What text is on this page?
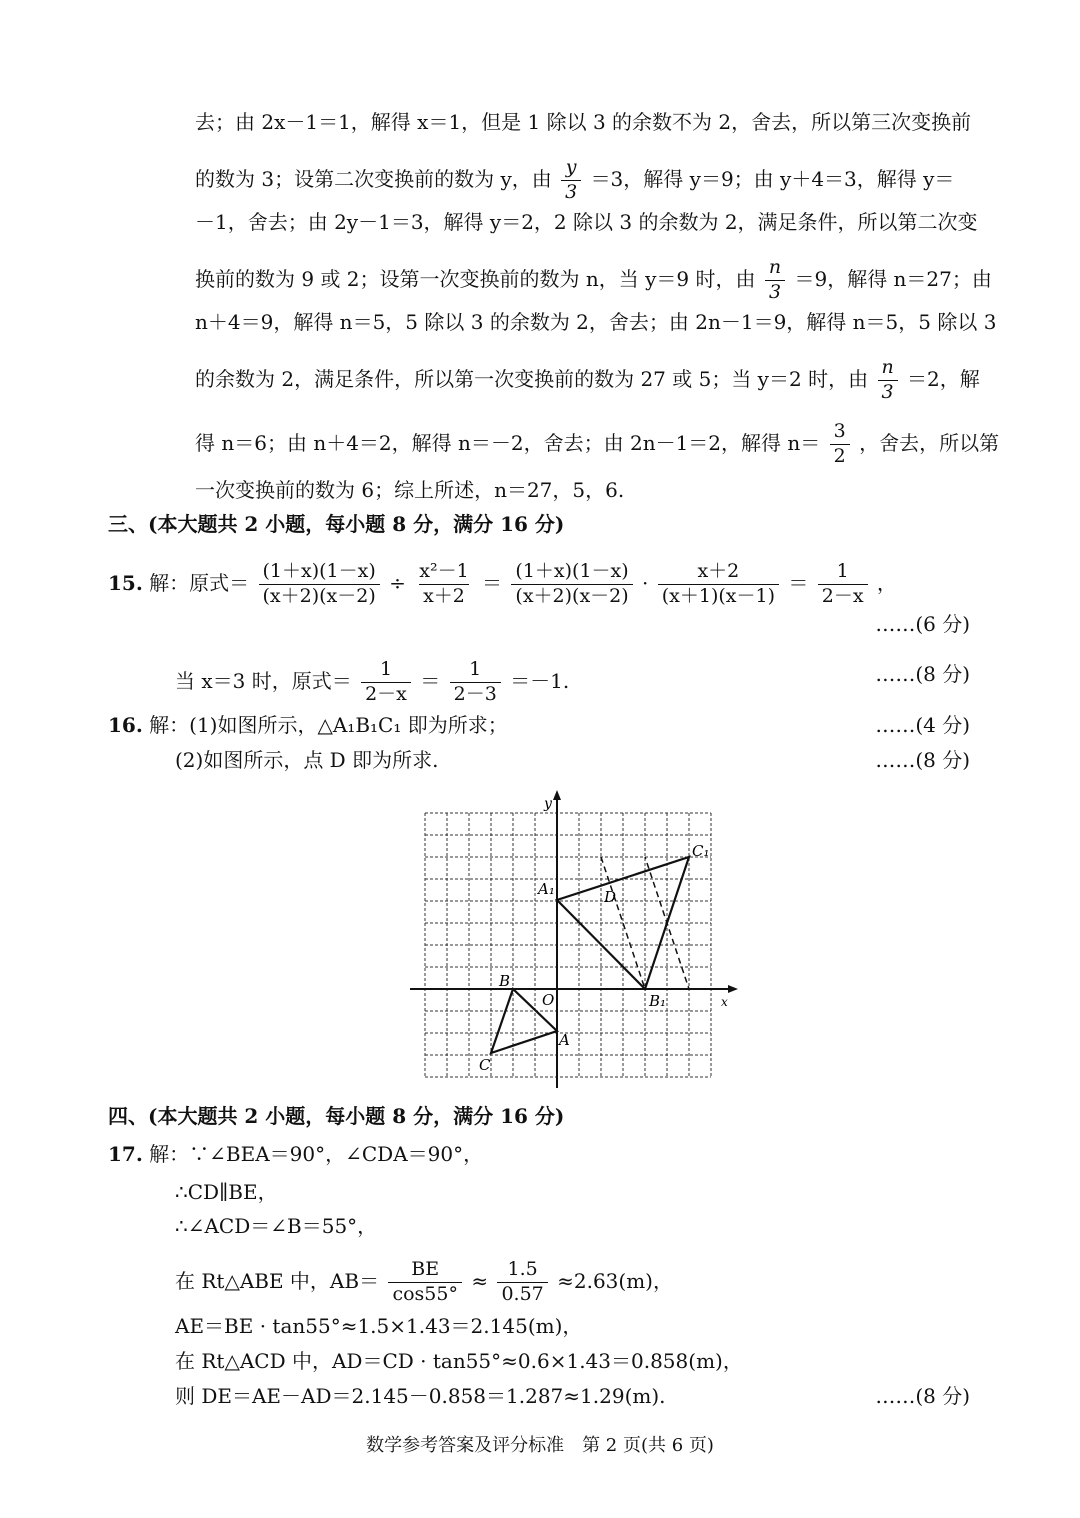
去；由 2x－1＝1，解得 x＝1，但是 1 除以 3 的余数不为 2，舍去，所以第三次变换前
的数为 3；设第二次变换前的数为 y，由 $\frac{y}{3} =3$，解得 y＝9；由 y＋4＝3，解得 y＝
－1，舍去；由 2y－1＝3，解得 y＝2，2 除以 3 的余数为 2，满足条件，所以第二次变
换前的数为 9 或 2；设第一次变换前的数为 n，当 y＝9 时，由 $\frac{n}{3} =9$，解得 n＝27；由
n＋4＝9，解得 n＝5，5 除以 3 的余数为 2，舍去；由 2n－1＝9，解得 n＝5，5 除以 3
的余数为 2，满足条件，所以第一次变换前的数为 27 或 5；当 y＝2 时，由 $\frac{n}{3} =2$，解
得 n＝6；由 n＋4＝2，解得 n＝－2，舍去；由 2n－1＝2，解得 $n= \frac{3}{2}$ ，舍去，所以第
一次变换前的数为 6；综上所述，n＝27，5，6.
三、(本大题共 2 小题，每小题 8 分，满分 16 分)
15. 解：原式＝ $\frac{(1+x)(1-x)}{(x+2)(x-2)} \div \frac{\text{x²－1}}{x+2} = \frac{(1+x)(1-x)}{(x+2)(x-2)} \cdot \frac{x+2}{(x+1)(x-1)} = \frac{1}{2-x}$ ，
……(6 分)
当 x＝3 时，原式＝ $\frac{1}{2-x} = \frac{1}{2-3} =-1$.	……(8 分)
16. 解：(1)如图所示，△A₁B₁C₁ 即为所求；	……(4 分)
(2)如图所示，点 D 即为所求.	……(8 分)
y
x
O
A
B
C
A₁
B₁
C₁
D
四、(本大题共 2 小题，每小题 8 分，满分 16 分)
17. 解：∵∠BEA＝90°，∠CDA＝90°，
∴CD∥BE，
∴∠ACD＝∠B＝55°，
在 Rt△ABE 中，$AB= \frac{BE}{\cos 55^\circ} \approx \frac{1.5}{0.57} \approx 2.63(m)$，
AE＝BE · tan55°≈1.5×1.43＝2.145(m)，
在 Rt△ACD 中，AD＝CD · tan55°≈0.6×1.43＝0.858(m)，
则 DE＝AE－AD＝2.145－0.858＝1.287≈1.29(m).	……(8 分)
数学参考答案及评分标准　第 2 页(共 6 页)
